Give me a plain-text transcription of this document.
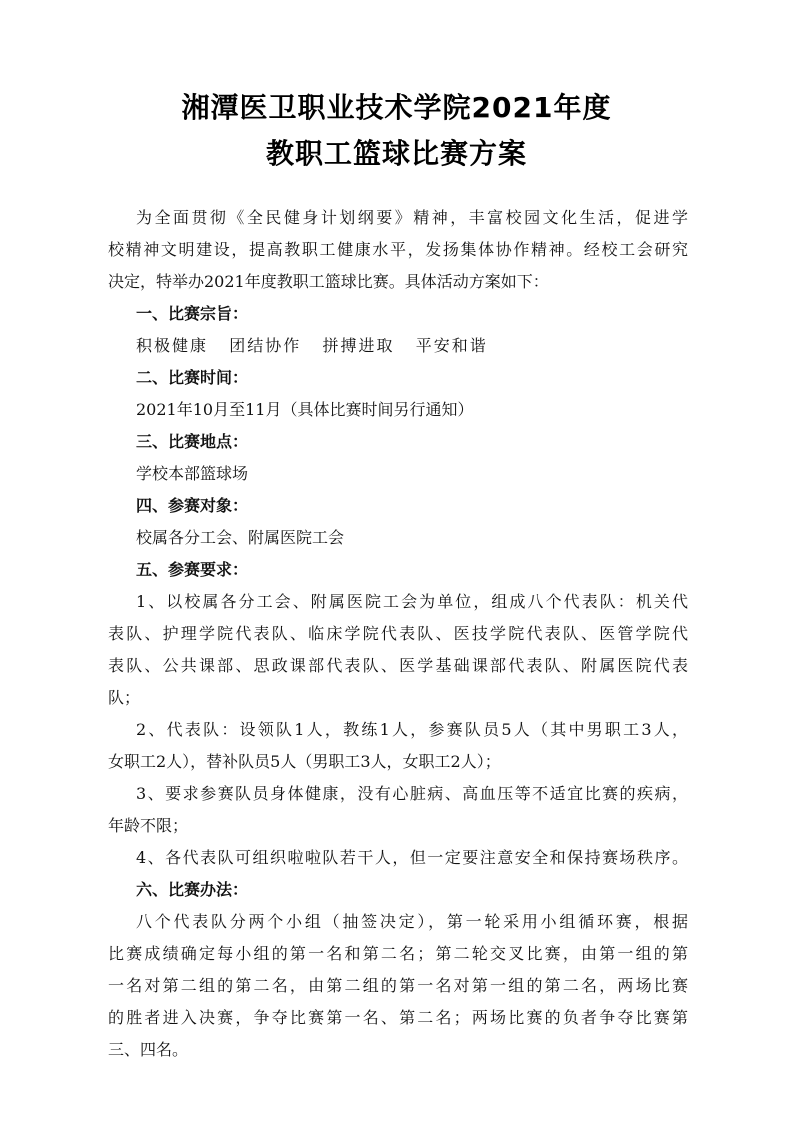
湘潭医卫职业技术学院2021年度
教职工篮球比赛方案
为全面贯彻《全民健身计划纲要》精神，丰富校园文化生活，促进学
校精神文明建设，提高教职工健康水平，发扬集体协作精神。经校工会研究
决定，特举办2021年度教职工篮球比赛。具体活动方案如下：
一、比赛宗旨：
积极健康   团结协作   拼搏进取   平安和谐
二、比赛时间：
2021年10月至11月（具体比赛时间另行通知）
三、比赛地点：
学校本部篮球场
四、参赛对象：
校属各分工会、附属医院工会
五、参赛要求：
1、以校属各分工会、附属医院工会为单位，组成八个代表队：机关代
表队、护理学院代表队、临床学院代表队、医技学院代表队、医管学院代
表队、公共课部、思政课部代表队、医学基础课部代表队、附属医院代表
队；
2、代表队：设领队1人，教练1人，参赛队员5人（其中男职工3人，
女职工2人），替补队员5人（男职工3人，女职工2人）；
3、要求参赛队员身体健康，没有心脏病、高血压等不适宜比赛的疾病，
年龄不限；
4、各代表队可组织啦啦队若干人，但一定要注意安全和保持赛场秩序。
六、比赛办法：
八个代表队分两个小组（抽签决定），第一轮采用小组循环赛，根据
比赛成绩确定每小组的第一名和第二名；第二轮交叉比赛，由第一组的第
一名对第二组的第二名，由第二组的第一名对第一组的第二名，两场比赛
的胜者进入决赛，争夺比赛第一名、第二名；两场比赛的负者争夺比赛第
三、四名。
